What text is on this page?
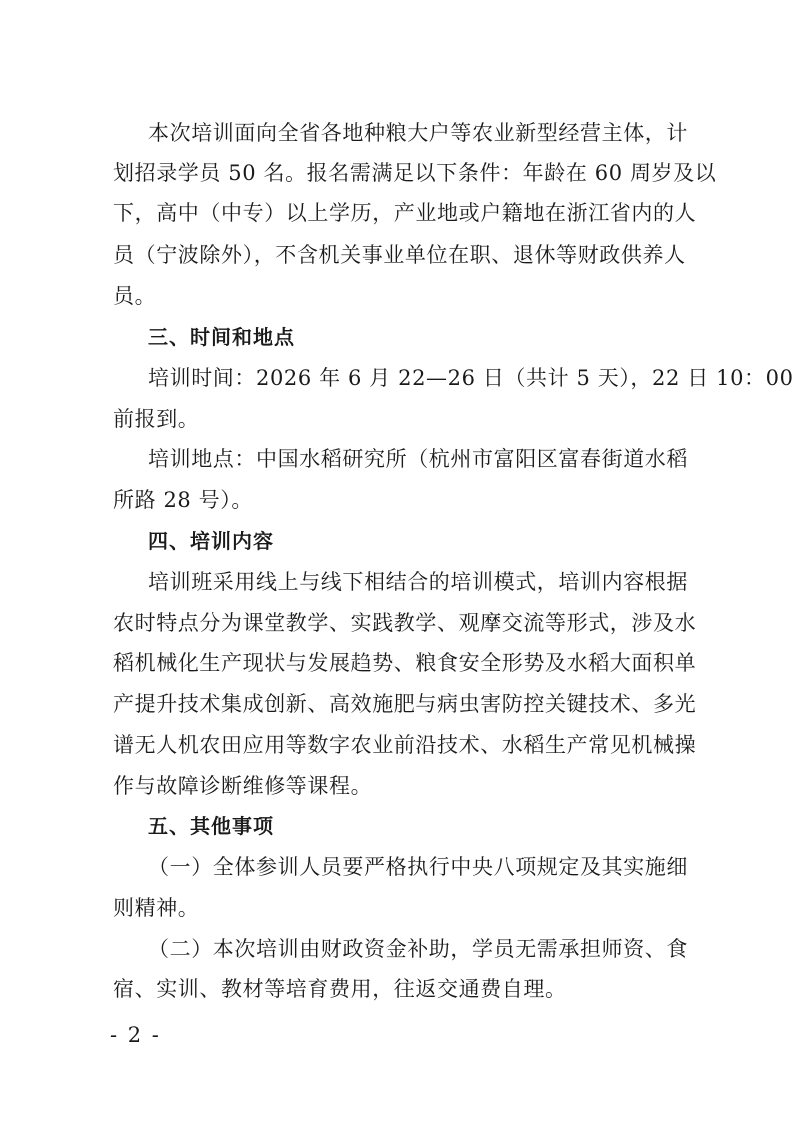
本次培训面向全省各地种粮大户等农业新型经营主体，计
划招录学员 50 名。报名需满足以下条件：年龄在 60 周岁及以
下，高中（中专）以上学历，产业地或户籍地在浙江省内的人
员（宁波除外），不含机关事业单位在职、退休等财政供养人
员。
三、时间和地点
培训时间：2026 年 6 月 22—26 日（共计 5 天），22 日 10：00
前报到。
培训地点：中国水稻研究所（杭州市富阳区富春街道水稻
所路 28 号）。
四、培训内容
培训班采用线上与线下相结合的培训模式，培训内容根据
农时特点分为课堂教学、实践教学、观摩交流等形式，涉及水
稻机械化生产现状与发展趋势、粮食安全形势及水稻大面积单
产提升技术集成创新、高效施肥与病虫害防控关键技术、多光
谱无人机农田应用等数字农业前沿技术、水稻生产常见机械操
作与故障诊断维修等课程。
五、其他事项
（一）全体参训人员要严格执行中央八项规定及其实施细
则精神。
（二）本次培训由财政资金补助，学员无需承担师资、食
宿、实训、教材等培育费用，往返交通费自理。
- 2 -
